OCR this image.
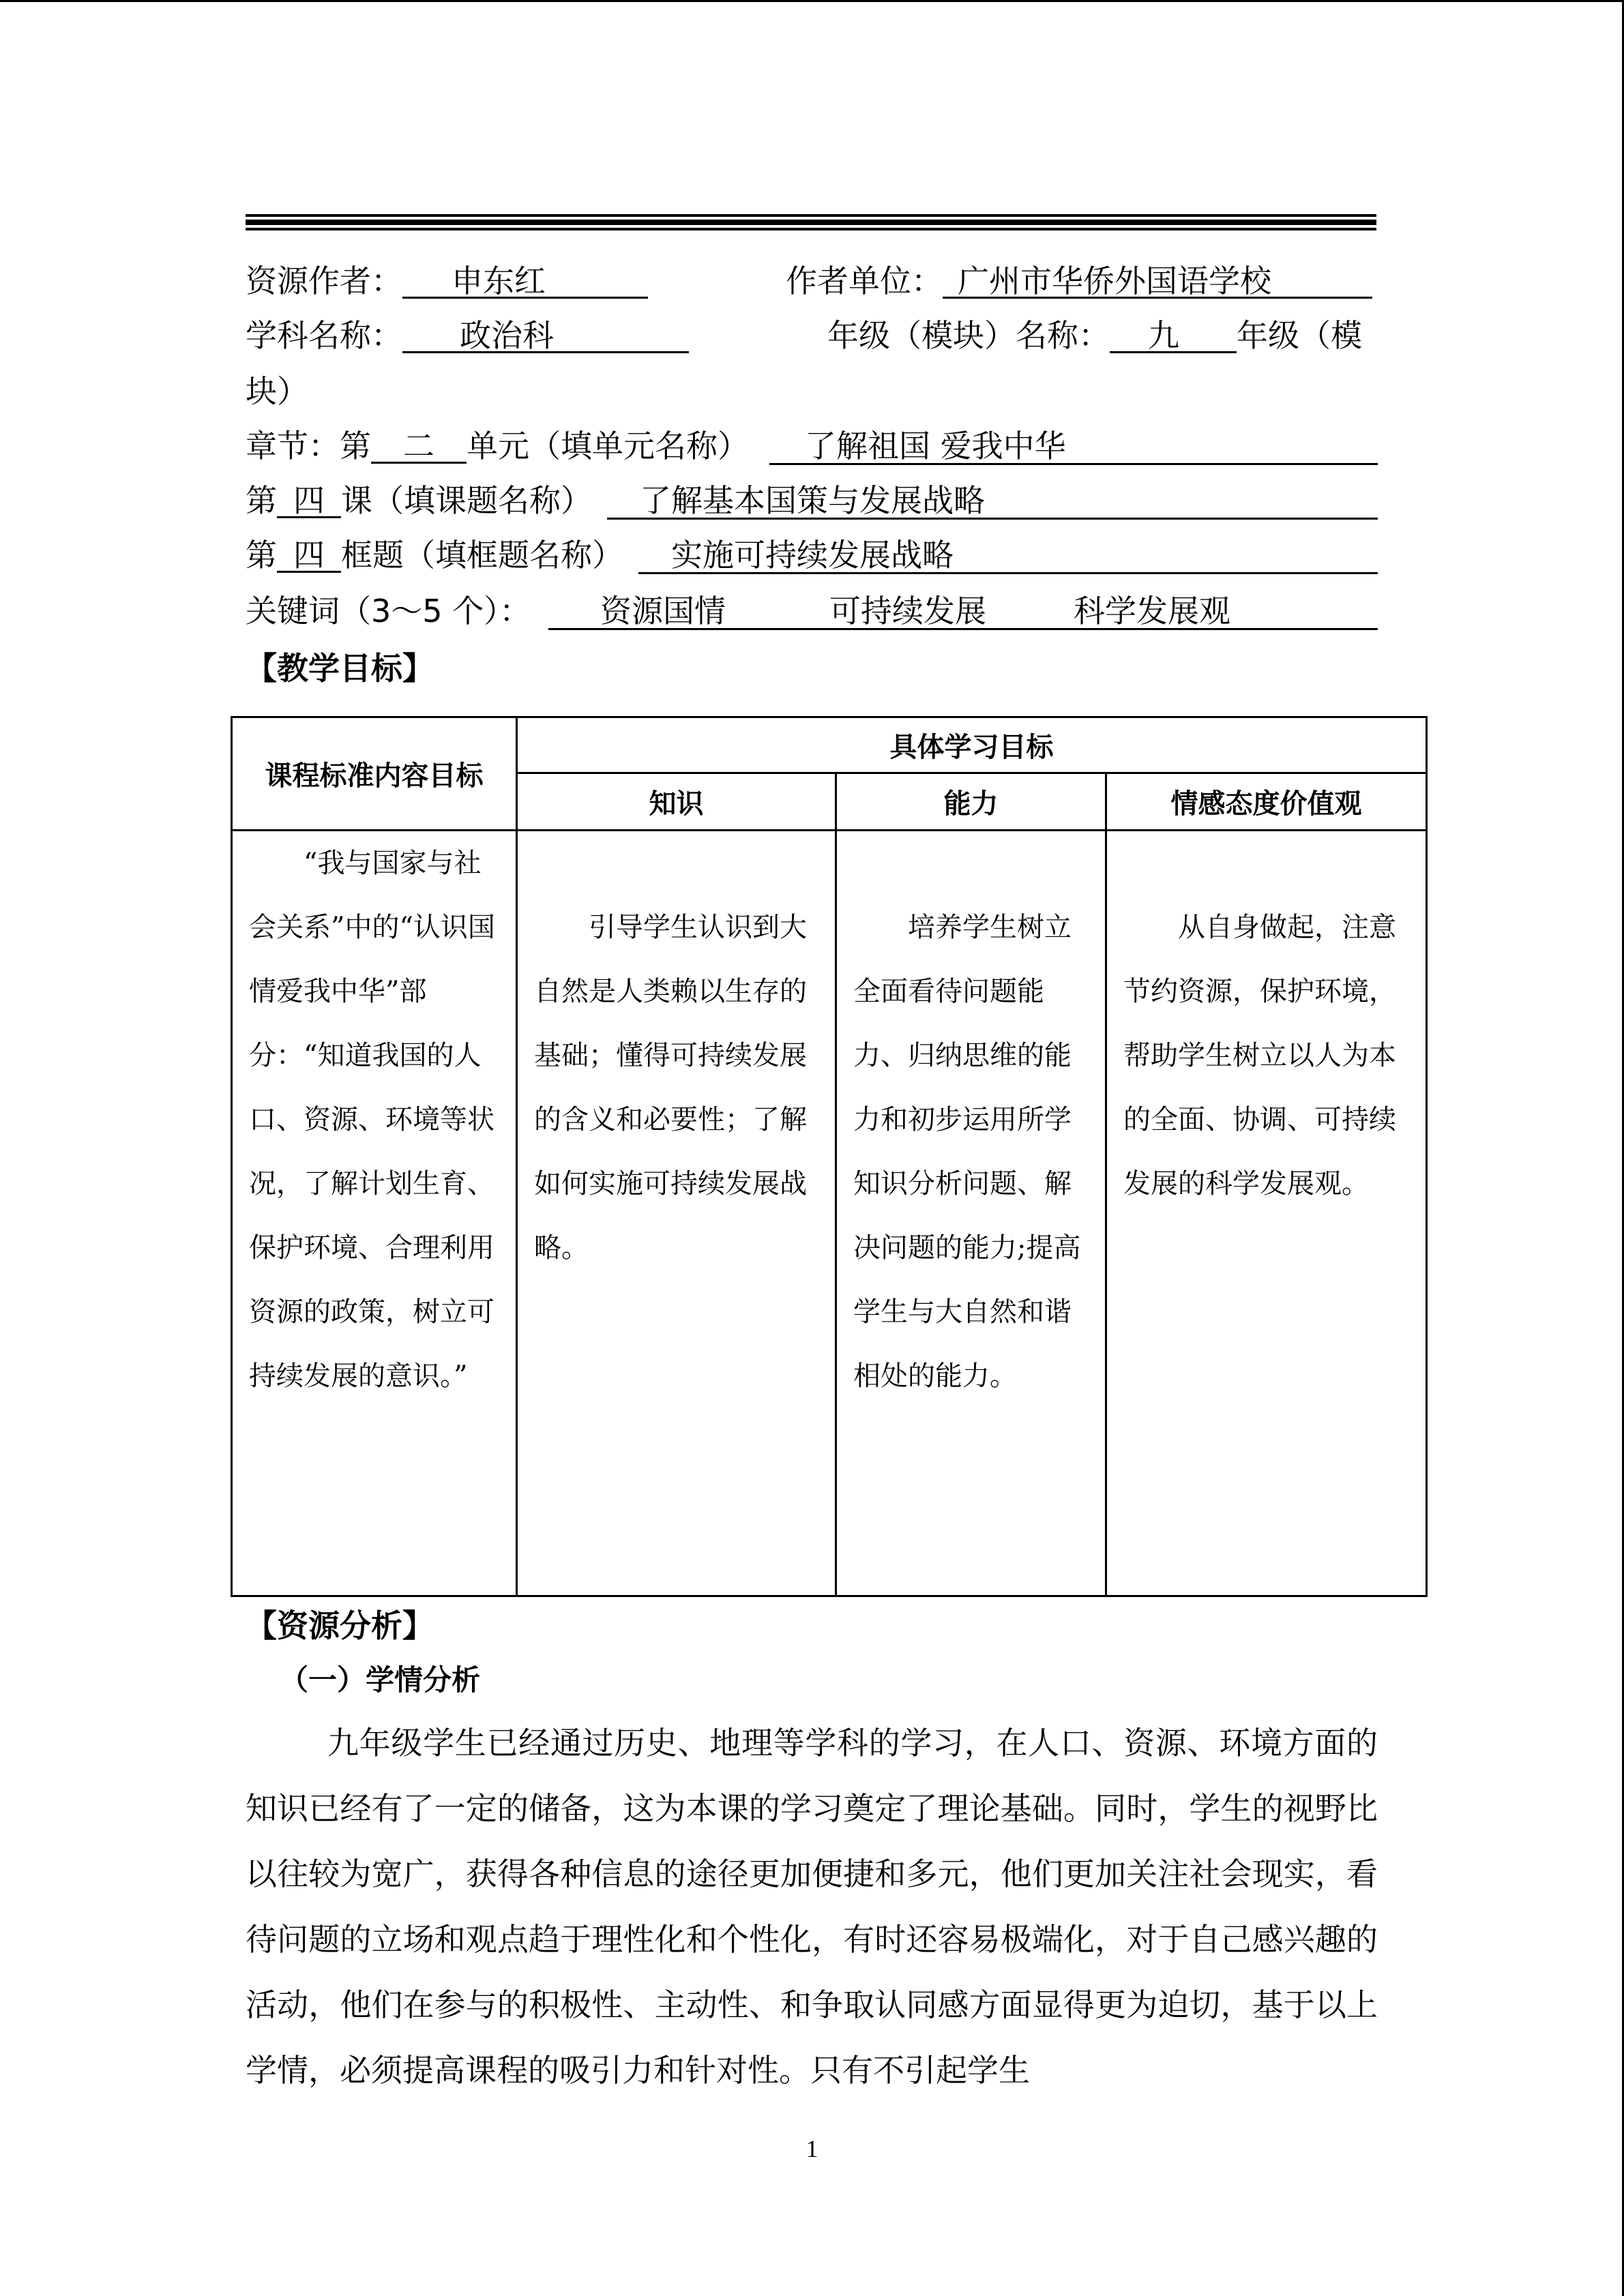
资源作者： 申东红	作者单位： 广州市华侨外国语学校
学科名称： 政治科	年级（模块）名称： 九 年级（模
块）
章节：第 二 单元（填单元名称） 了解祖国 爱我中华
第 四 课（填课题名称） 了解基本国策与发展战略
第 四 框题（填框题名称） 实施可持续发展战略
关键词（3～5 个）： 资源国情	可持续发展	科学发展观
【教学目标】
课程标准内容目标	具体学习目标		
	知识	能力	情感态度价值观

“我与国家与社会关系”中的“认识国情爱我中华”部分：“知道我国的人口、资源、环境等状况，了解计划生育、保护环境、合理利用资源的政策，树立可持续发展的意识。”	引导学生认识到大自然是人类赖以生存的基础；懂得可持续发展的含义和必要性；了解如何实施可持续发展战略。	培养学生树立全面看待问题能力、归纳思维的能力和初步运用所学知识分析问题、解决问题的能力;提高学生与大自然和谐相处的能力。	从自身做起，注意节约资源，保护环境，帮助学生树立以人为本的全面、协调、可持续发展的科学发展观。
【资源分析】
（一）学情分析
九年级学生已经通过历史、地理等学科的学习，在人口、资源、环境方面的知识已经有了一定的储备，这为本课的学习奠定了理论基础。同时，学生的视野比以往较为宽广，获得各种信息的途径更加便捷和多元，他们更加关注社会现实，看待问题的立场和观点趋于理性化和个性化，有时还容易极端化，对于自己感兴趣的活动，他们在参与的积极性、主动性、和争取认同感方面显得更为迫切，基于以上学情，必须提高课程的吸引力和针对性。只有不引起学生
1
